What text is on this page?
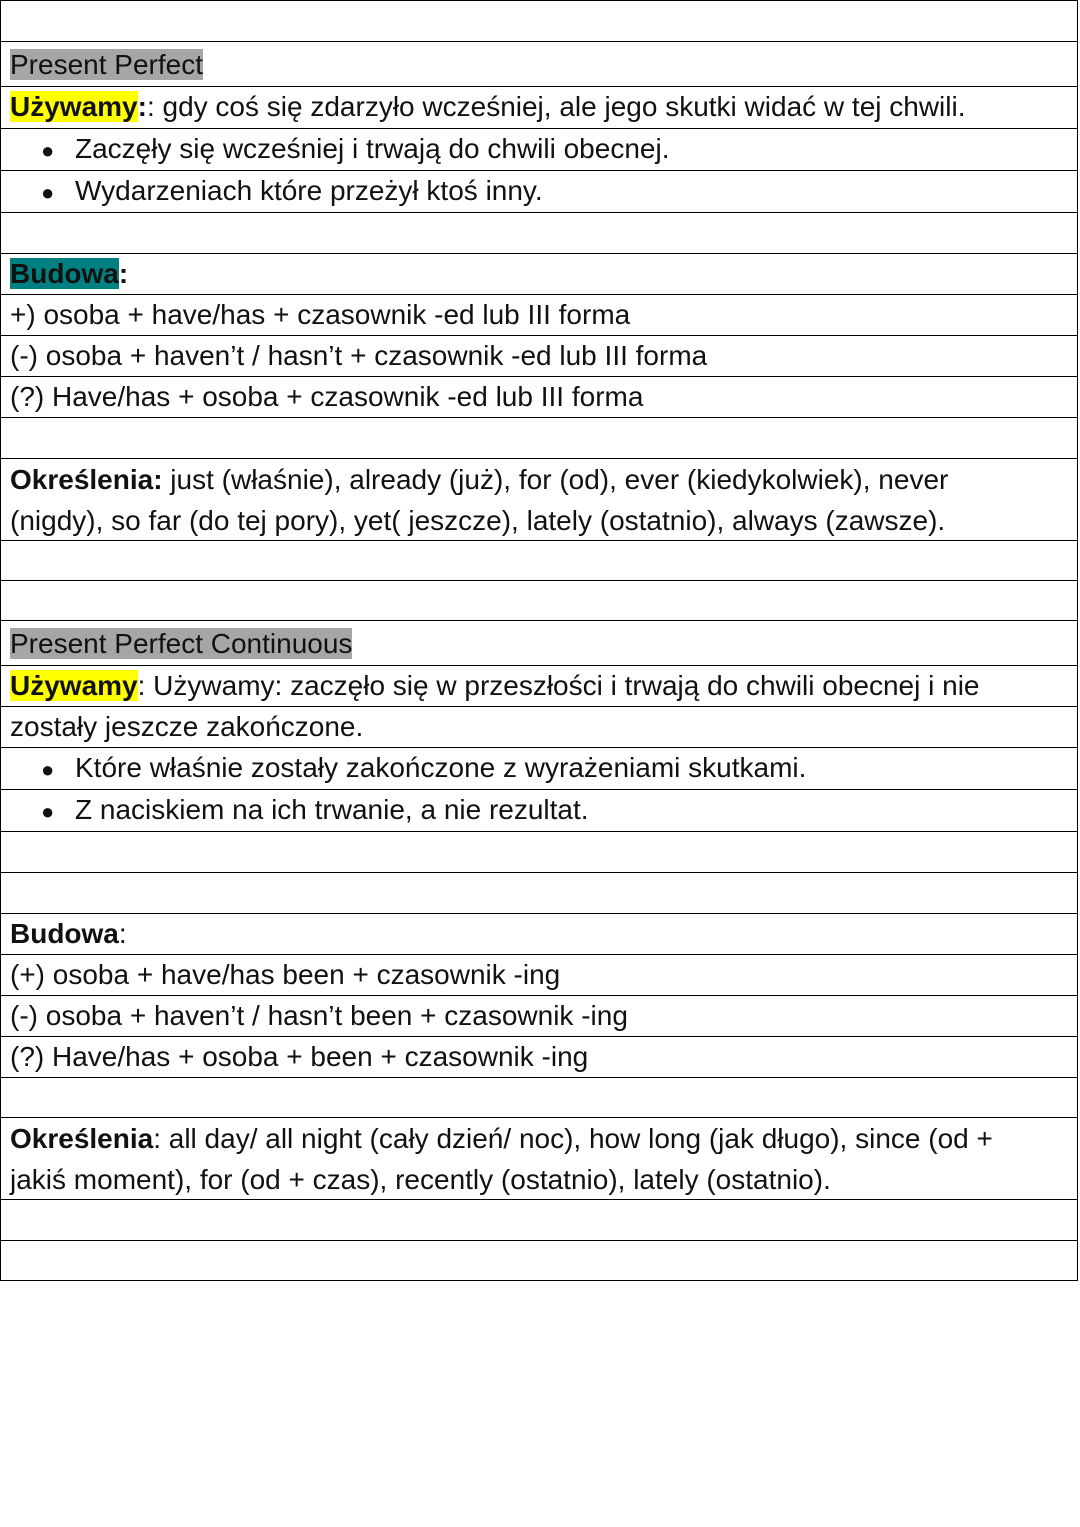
Present Perfect
Używamy:: gdy coś się zdarzyło wcześniej, ale jego skutki widać w tej chwili.
● Zaczęły się wcześniej i trwają do chwili obecnej.
● Wydarzeniach które przeżył ktoś inny.
Budowa:
+) osoba + have/has + czasownik -ed lub III forma
(-) osoba + haven’t / hasn’t + czasownik -ed lub III forma
(?) Have/has + osoba + czasownik -ed lub III forma
Określenia: just (właśnie), already (już), for (od), ever (kiedykolwiek), never
(nigdy), so far (do tej pory), yet( jeszcze), lately (ostatnio), always (zawsze).
Present Perfect Continuous
Używamy: Używamy: zaczęło się w przeszłości i trwają do chwili obecnej i nie
zostały jeszcze zakończone.
● Które właśnie zostały zakończone z wyrażeniami skutkami.
● Z naciskiem na ich trwanie, a nie rezultat.
Budowa:
(+) osoba + have/has been + czasownik -ing
(-) osoba + haven’t / hasn’t been + czasownik -ing
(?) Have/has + osoba + been + czasownik -ing
Określenia: all day/ all night (cały dzień/ noc), how long (jak długo), since (od +
jakiś moment), for (od + czas), recently (ostatnio), lately (ostatnio).
